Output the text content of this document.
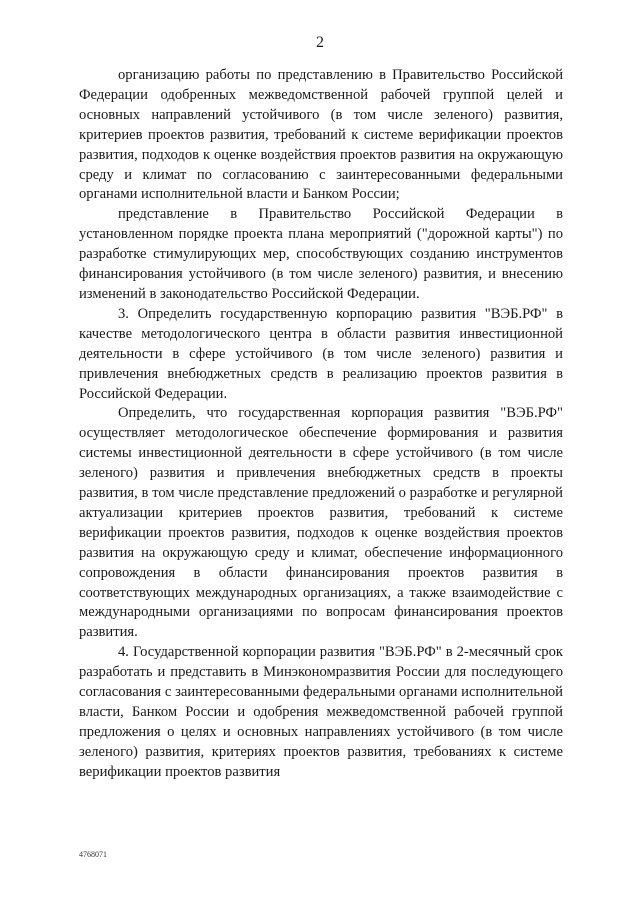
2

организацию работы по представлению в Правительство Российской Федерации одобренных межведомственной рабочей группой целей и основных направлений устойчивого (в том числе зеленого) развития, критериев проектов развития, требований к системе верификации проектов развития, подходов к оценке воздействия проектов развития на окружающую среду и климат по согласованию с заинтересованными федеральными органами исполнительной власти и Банком России;

представление в Правительство Российской Федерации в установленном порядке проекта плана мероприятий ("дорожной карты") по разработке стимулирующих мер, способствующих созданию инструментов финансирования устойчивого (в том числе зеленого) развития, и внесению изменений в законодательство Российской Федерации.

3. Определить государственную корпорацию развития "ВЭБ.РФ" в качестве методологического центра в области развития инвестиционной деятельности в сфере устойчивого (в том числе зеленого) развития и привлечения внебюджетных средств в реализацию проектов развития в Российской Федерации.

Определить, что государственная корпорация развития "ВЭБ.РФ" осуществляет методологическое обеспечение формирования и развития системы инвестиционной деятельности в сфере устойчивого (в том числе зеленого) развития и привлечения внебюджетных средств в проекты развития, в том числе представление предложений о разработке и регулярной актуализации критериев проектов развития, требований к системе верификации проектов развития, подходов к оценке воздействия проектов развития на окружающую среду и климат, обеспечение информационного сопровождения в области финансирования проектов развития в соответствующих международных организациях, а также взаимодействие с международными организациями по вопросам финансирования проектов развития.

4. Государственной корпорации развития "ВЭБ.РФ" в 2-месячный срок разработать и представить в Минэкономразвития России для последующего согласования с заинтересованными федеральными органами исполнительной власти, Банком России и одобрения межведомственной рабочей группой предложения о целях и основных направлениях устойчивого (в том числе зеленого) развития, критериях проектов развития, требованиях к системе верификации проектов развития

4768071
